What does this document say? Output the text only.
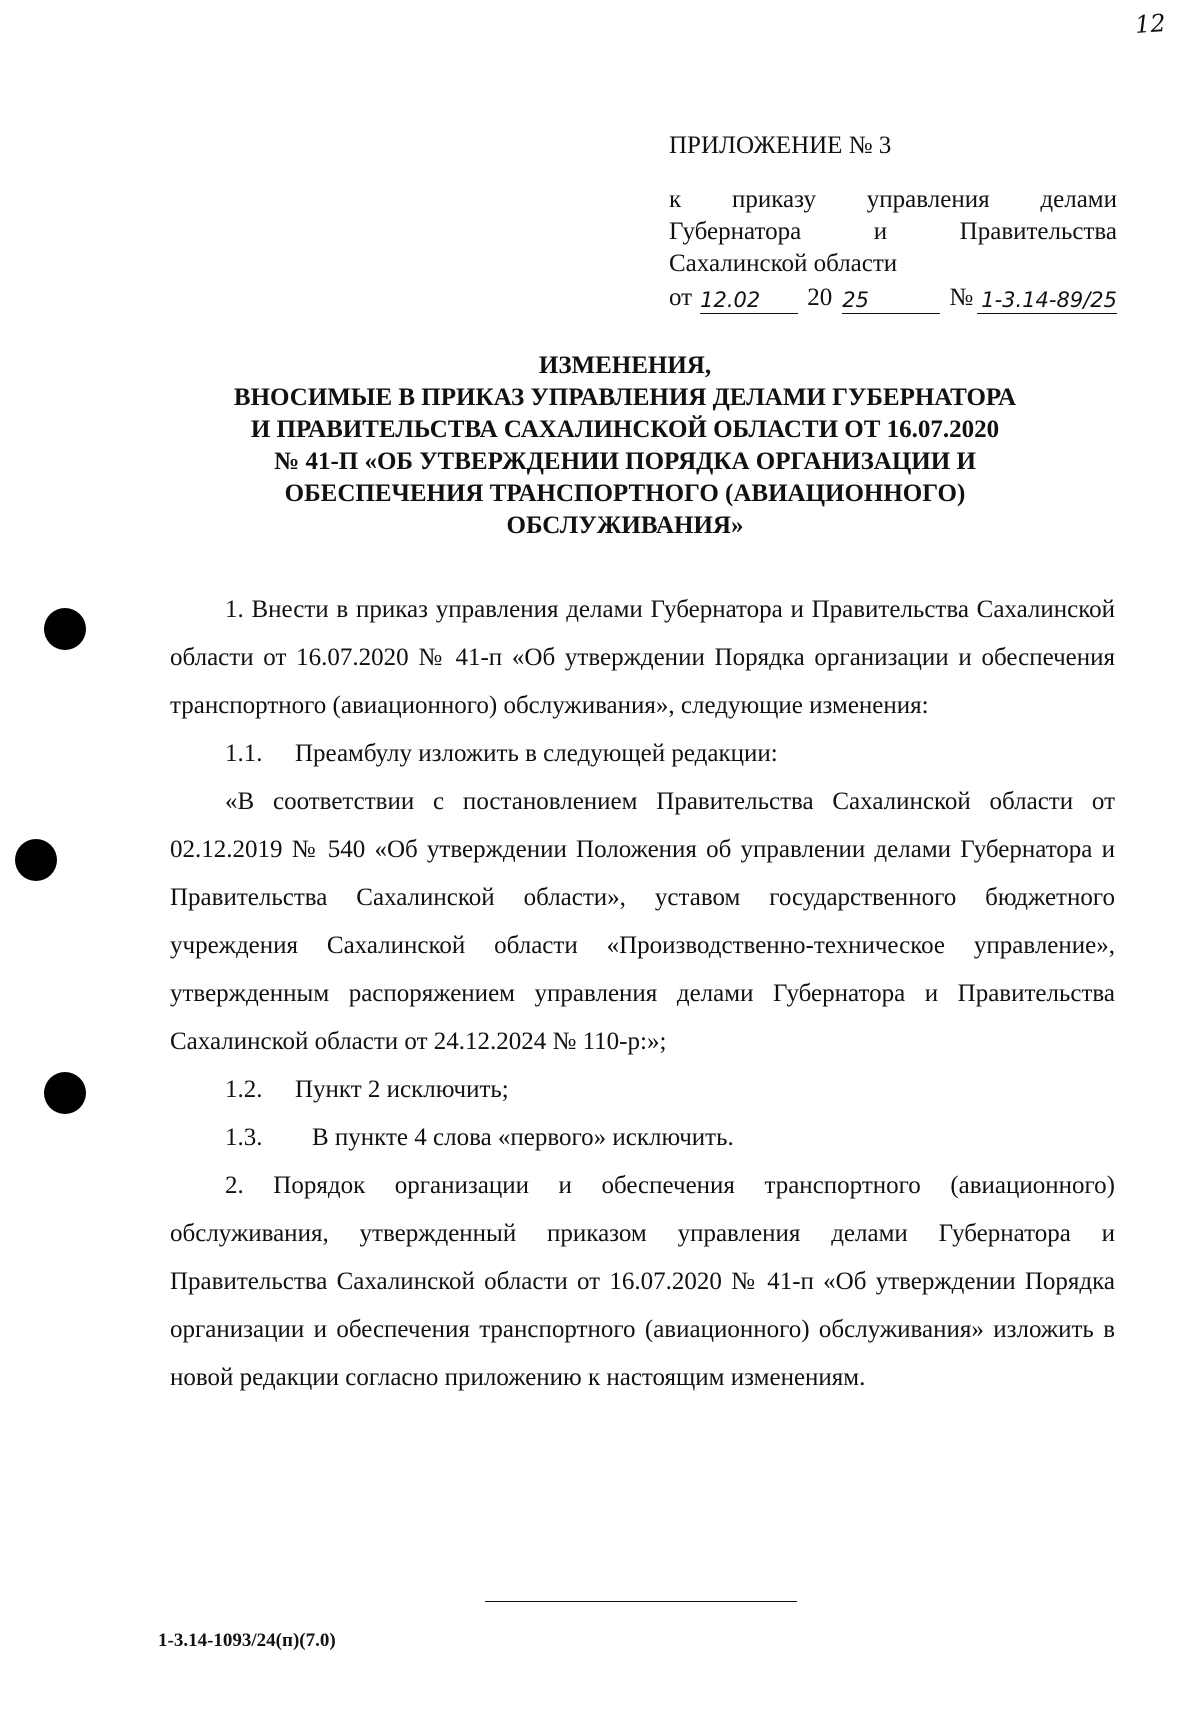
12
ПРИЛОЖЕНИЕ № 3
к приказу управления делами
Губернатора и Правительства
Сахалинской области
от 12.02	20 25	№ 1-3.14-89/25
ИЗМЕНЕНИЯ,
ВНОСИМЫЕ В ПРИКАЗ УПРАВЛЕНИЯ ДЕЛАМИ ГУБЕРНАТОРА
И ПРАВИТЕЛЬСТВА САХАЛИНСКОЙ ОБЛАСТИ ОТ 16.07.2020
№ 41-П «ОБ УТВЕРЖДЕНИИ ПОРЯДКА ОРГАНИЗАЦИИ И
ОБЕСПЕЧЕНИЯ ТРАНСПОРТНОГО (АВИАЦИОННОГО)
ОБСЛУЖИВАНИЯ»

1. Внести в приказ управления делами Губернатора и Правительства Сахалинской области от 16.07.2020 № 41-п «Об утверждении Порядка организации и обеспечения транспортного (авиационного) обслуживания», следующие изменения:

1.1. Преамбулу изложить в следующей редакции:

«В соответствии с постановлением Правительства Сахалинской области от 02.12.2019 № 540 «Об утверждении Положения об управлении делами Губернатора и Правительства Сахалинской области», уставом государственного бюджетного учреждения Сахалинской области «Производственно-техническое управление», утвержденным распоряжением управления делами Губернатора и Правительства Сахалинской области от 24.12.2024 № 110-р:»;

1.2. Пункт 2 исключить;

1.3. В пункте 4 слова «первого» исключить.

2. Порядок организации и обеспечения транспортного (авиационного) обслуживания, утвержденный приказом управления делами Губернатора и Правительства Сахалинской области от 16.07.2020 № 41-п «Об утверждении Порядка организации и обеспечения транспортного (авиационного) обслуживания» изложить в новой редакции согласно приложению к настоящим изменениям.

1-3.14-1093/24(п)(7.0)
